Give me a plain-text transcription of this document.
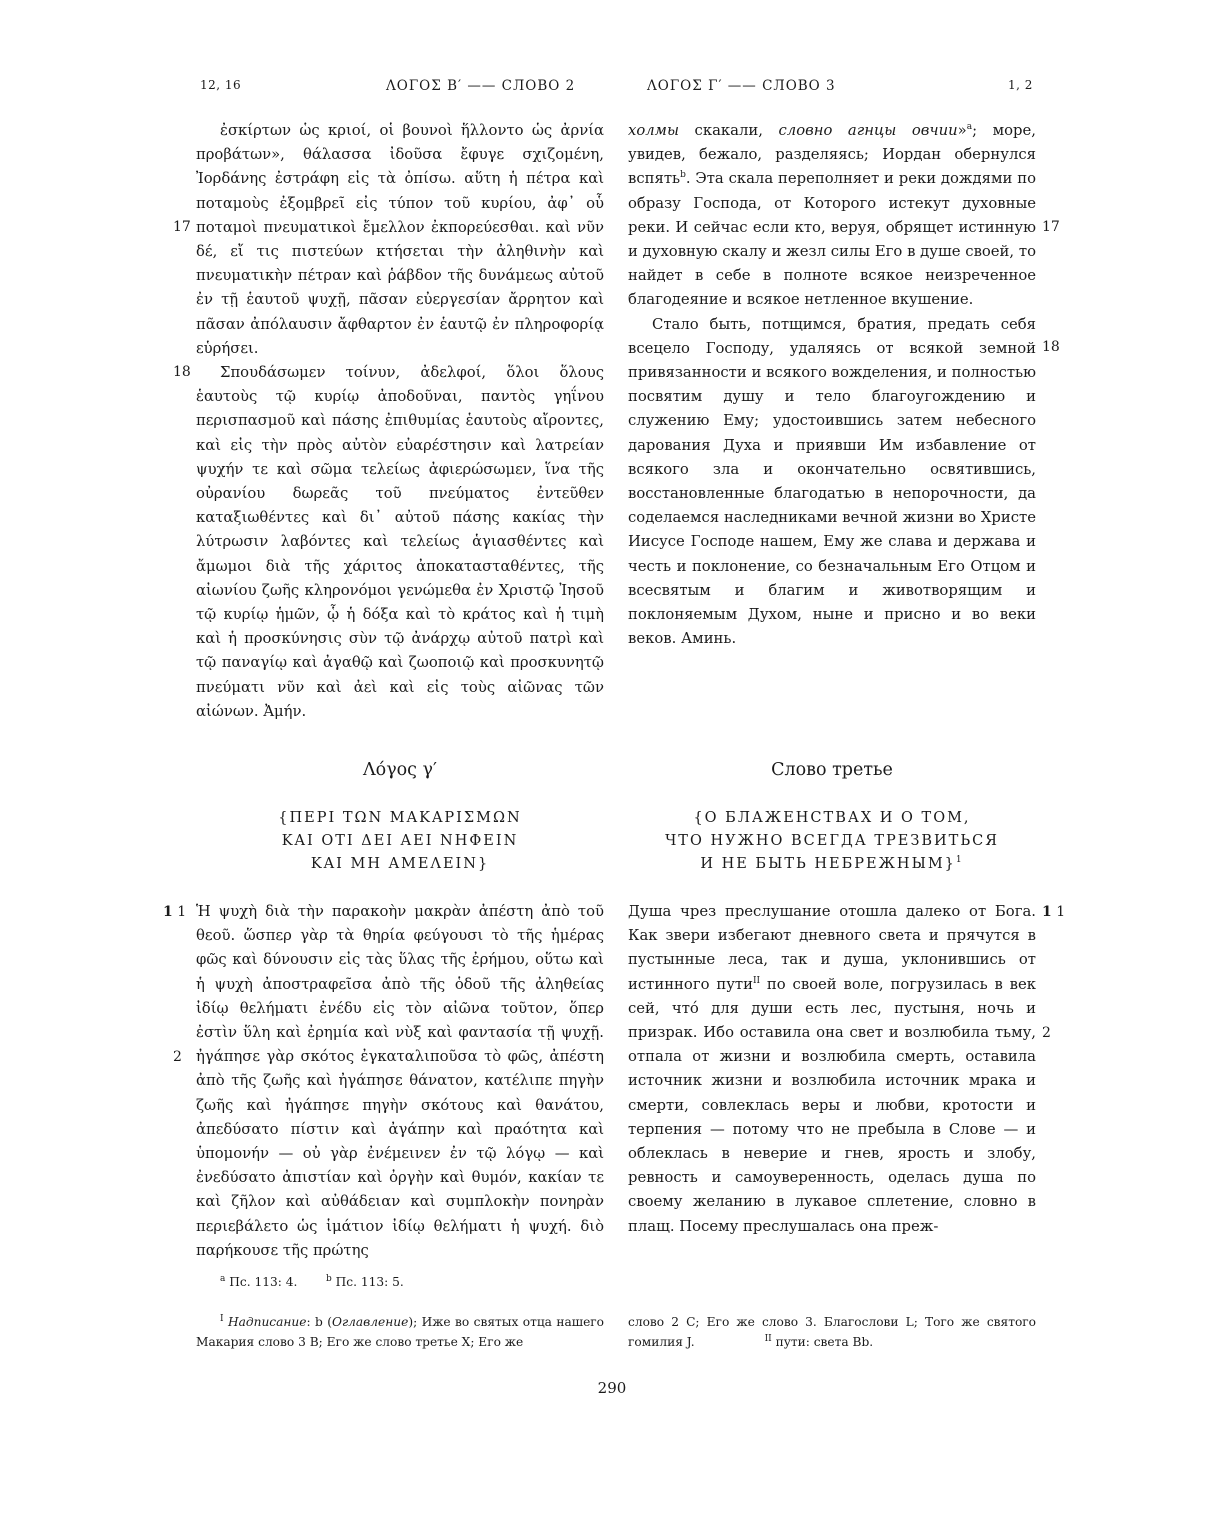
12, 16	ΛΟΓΟΣ Β′ —— СЛОВО 2	ΛΟΓΟΣ Γ′ —— СЛОВО 3	1, 2

ἐσκίρτων ὡς κριοί, οἱ βουνοὶ ἥλλοντο ὡς ἀρνία προβάτων», θάλασσα ἰδοῦσα ἔφυγε σχιζομένη, Ἰορδάνης ἐστράφη εἰς τὰ ὀπίσω. αὕτη ἡ πέτρα καὶ ποταμοὺς ἐξομβρεῖ εἰς τύπον τοῦ κυρίου, ἀφ᾽ οὗ ποταμοὶ πνευματικοὶ ἔμελλον ἐκπορεύεσθαι. καὶ νῦν δέ, εἴ τις πιστεύων κτήσεται τὴν ἀληθινὴν καὶ πνευματικὴν πέτραν καὶ ῥάβδον τῆς δυνάμεως αὐτοῦ ἐν τῇ ἑαυτοῦ ψυχῇ, πᾶσαν εὐεργεσίαν ἄρρητον καὶ πᾶσαν ἀπόλαυσιν ἄφθαρτον ἐν ἑαυτῷ ἐν πληροφορίᾳ εὑρήσει.

Σπουδάσωμεν τοίνυν, ἀδελφοί, ὅλοι ὅλους ἑαυτοὺς τῷ κυρίῳ ἀποδοῦναι, παντὸς γηΐνου περισπασμοῦ καὶ πάσης ἐπιθυμίας ἑαυτοὺς αἴροντες, καὶ εἰς τὴν πρὸς αὐτὸν εὐαρέστησιν καὶ λατρείαν ψυχήν τε καὶ σῶμα τελείως ἀφιερώσωμεν, ἵνα τῆς οὐρανίου δωρεᾶς τοῦ πνεύματος ἐντεῦθεν καταξιωθέντες καὶ δι᾽ αὐτοῦ πάσης κακίας τὴν λύτρωσιν λαβόντες καὶ τελείως ἁγιασθέντες καὶ ἄμωμοι διὰ τῆς χάριτος ἀποκατασταθέντες, τῆς αἰωνίου ζωῆς κληρονόμοι γενώμεθα ἐν Χριστῷ Ἰησοῦ τῷ κυρίῳ ἡμῶν, ᾧ ἡ δόξα καὶ τὸ κράτος καὶ ἡ τιμὴ καὶ ἡ προσκύνησις σὺν τῷ ἀνάρχῳ αὐτοῦ πατρὶ καὶ τῷ παναγίῳ καὶ ἀγαθῷ καὶ ζωοποιῷ καὶ προσκυνητῷ πνεύματι νῦν καὶ ἀεὶ καὶ εἰς τοὺς αἰῶνας τῶν αἰώνων. Ἀμήν.

холмы скакали, словно агнцы овчии»$^a$; море, увидев, бежало, разделяясь; Иордан обернулся вспять$^b$. Эта скала переполняет и реки дождями по образу Господа, от Которого истекут духовные реки. И сейчас если кто, веруя, обрящет истинную и духовную скалу и жезл силы Его в душе своей, то найдет в себе в полноте всякое неизреченное благодеяние и всякое нетленное вкушение.

Стало быть, потщимся, братия, предать себя всецело Господу, удаляясь от всякой земной привязанности и всякого вожделения, и полностью посвятим душу и тело благоугождению и служению Ему; удостоившись затем небесного дарования Духа и приявши Им избавление от всякого зла и окончательно освятившись, восстановленные благодатью в непорочности, да соделаемся наследниками вечной жизни во Христе Иисусе Господе нашем, Ему же слава и держава и честь и поклонение, со безначальным Его Отцом и всесвятым и благим и животворящим и поклоняемым Духом, ныне и присно и во веки веков. Аминь.

17
18
17
18
Λόγος γ′	Слово третье

{ΠΕΡΙ ΤΩΝ ΜΑΚΑΡΙΣΜΩΝ

ΚΑΙ ΟΤΙ ΔΕΙ ΑΕΙ ΝΗΦΕΙΝ

ΚΑΙ ΜΗ ΑΜΕΛΕΙΝ}

{О БЛАЖЕНСТВАХ И О ТОМ,

ЧТО НУЖНО ВСЕГДА ТРЕЗВИТЬСЯ

И НЕ БЫТЬ НЕБРЕЖНЫМ}$^1$

1 1
2
1 1
2

Ἡ ψυχὴ διὰ τὴν παρακοὴν μακρὰν ἀπέστη ἀπὸ τοῦ θεοῦ. ὥσπερ γὰρ τὰ θηρία φεύγουσι τὸ τῆς ἡμέρας φῶς καὶ δύνουσιν εἰς τὰς ὕλας τῆς ἐρήμου, οὕτω καὶ ἡ ψυχὴ ἀποστραφεῖσα ἀπὸ τῆς ὁδοῦ τῆς ἀληθείας ἰδίῳ θελήματι ἐνέδυ εἰς τὸν αἰῶνα τοῦτον, ὅπερ ἐστὶν ὕλη καὶ ἐρημία καὶ νὺξ καὶ φαντασία τῇ ψυχῇ. ἠγάπησε γὰρ σκότος ἐγκαταλιποῦσα τὸ φῶς, ἀπέστη ἀπὸ τῆς ζωῆς καὶ ἠγάπησε θάνατον, κατέλιπε πηγὴν ζωῆς καὶ ἠγάπησε πηγὴν σκότους καὶ θανάτου, ἀπεδύσατο πίστιν καὶ ἀγάπην καὶ πραότητα καὶ ὑπομονήν — οὐ γὰρ ἐνέμεινεν ἐν τῷ λόγῳ — καὶ ἐνεδύσατο ἀπιστίαν καὶ ὀργὴν καὶ θυμόν, κακίαν τε καὶ ζῆλον καὶ αὐθάδειαν καὶ συμπλοκὴν πονηρὰν περιεβάλετο ὡς ἱμάτιον ἰδίῳ θελήματι ἡ ψυχή. διὸ παρήκουσε τῆς πρώτης

Душа чрез преслушание отошла далеко от Бога. Как звери избегают дневного света и прячутся в пустынные леса, так и душа, уклонившись от истинного пути$^{II}$ по своей воле, погрузилась в век сей, чтó для души есть лес, пустыня, ночь и призрак. Ибо оставила она свет и возлюбила тьму, отпала от жизни и возлюбила смерть, оставила источник жизни и возлюбила источник мрака и смерти, совлеклась веры и любви, кротости и терпения — потому что не пребыла в Слове — и облеклась в неверие и гнев, ярость и злобу, ревность и самоуверенность, оделась душа по своему желанию в лукавое сплетение, словно в плащ. Посему преслушалась она преж-

$^a$ Пс. 113: 4.	$^b$ Пс. 113: 5.

$^I$ Надписание: b (Оглавление); Иже во святых отца нашего Макария слово 3 B; Его же слово третье X; Его же

слово 2 C; Его же слово 3. Благослови L; Того же святого гомилия J.	$^{II}$ пути: света Bb.

290
